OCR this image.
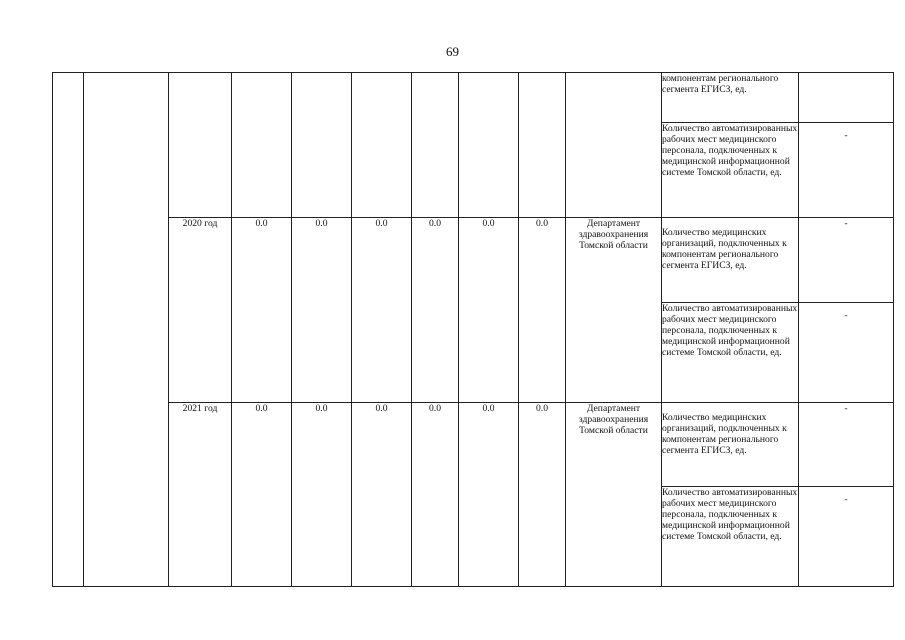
69
										компонентам регионального сегмента ЕГИСЗ, ед.	
										Количество автоматизированных рабочих мест медицинского персонала, подключенных к медицинской информационной системе Томской области, ед.	-
		2020 год	0.0	0.0	0.0	0.0	0.0	0.0	Департамент здравоохранения Томской области	Количество медицинских организаций, подключенных к компонентам регионального сегмента ЕГИСЗ, ед.	-
										Количество автоматизированных рабочих мест медицинского персонала, подключенных к медицинской информационной системе Томской области, ед.	-
		2021 год	0.0	0.0	0.0	0.0	0.0	0.0	Департамент здравоохранения Томской области	Количество медицинских организаций, подключенных к компонентам регионального сегмента ЕГИСЗ, ед.	-
										Количество автоматизированных рабочих мест медицинского персонала, подключенных к медицинской информационной системе Томской области, ед.	-
